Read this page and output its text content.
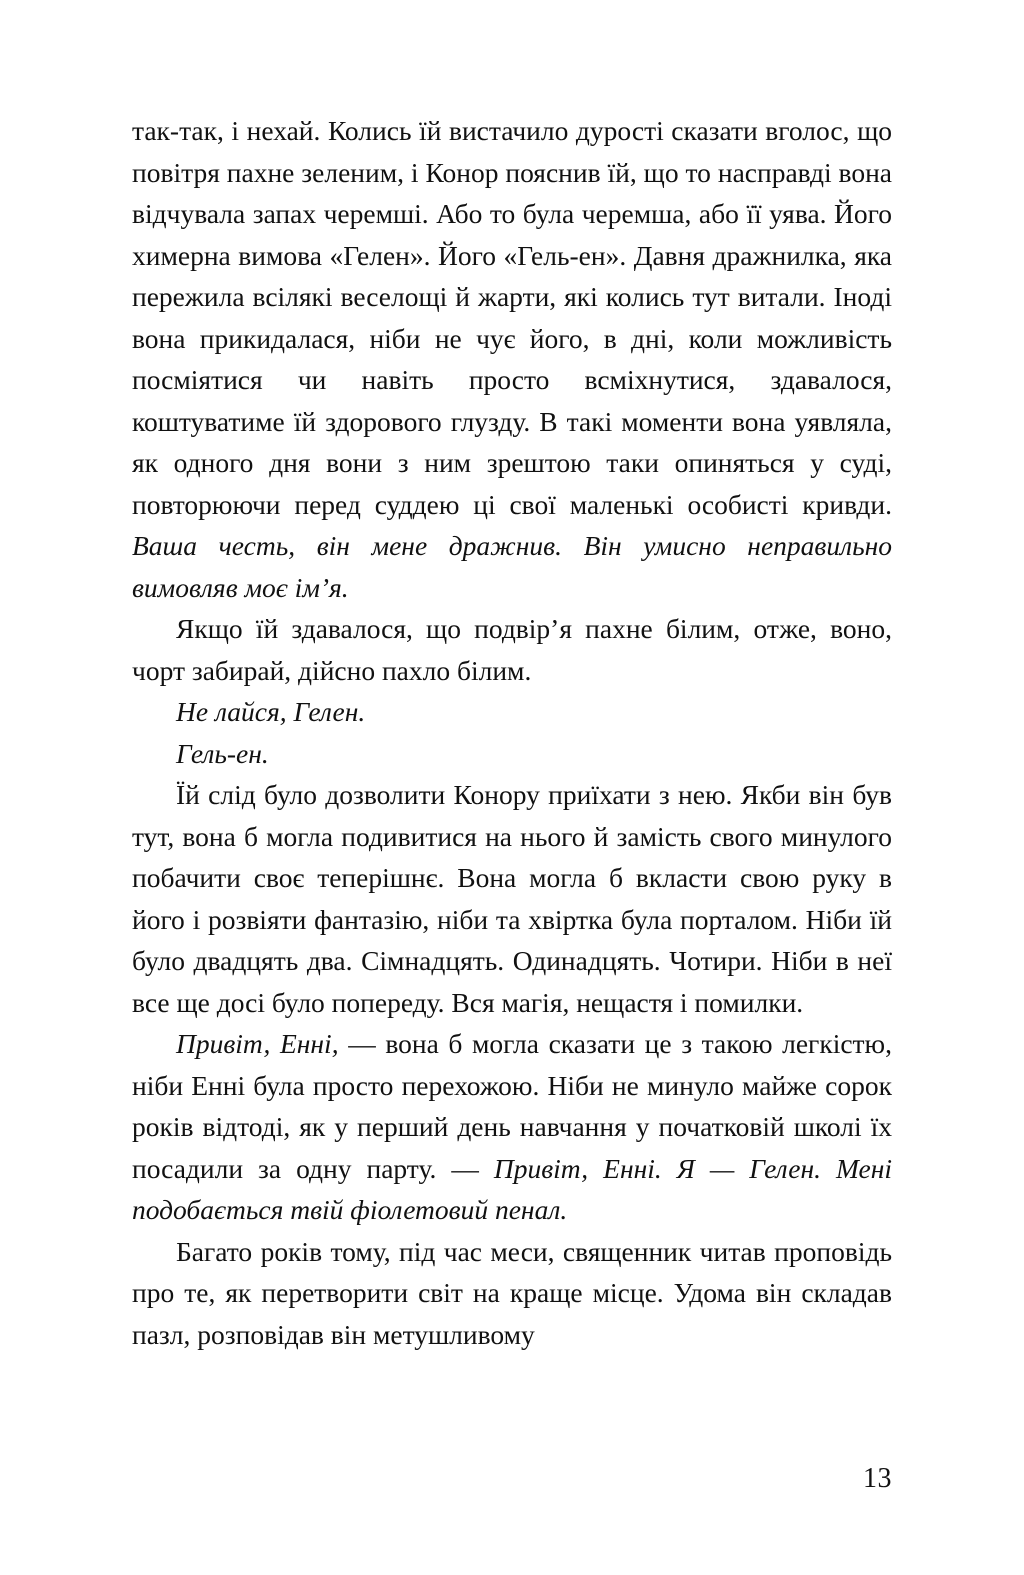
так-так, і нехай. Колись їй вистачило дурості сказати вголос, що повітря пахне зеленим, і Конор пояснив їй, що то насправді вона відчувала запах черемші. Або то була черемша, або її уява. Його химерна вимова «Гелен». Його «Гель-ен». Давня дражнилка, яка пережила всілякі веселощі й жарти, які колись тут витали. Іноді вона прикидалася, ніби не чує його, в дні, коли можливість посміятися чи навіть просто всміхнутися, здавалося, коштуватиме їй здорового глузду. В такі моменти вона уявляла, як одного дня вони з ним зрештою таки опиняться у суді, повторюючи перед суддею ці свої маленькі особисті кривди. Ваша честь, він мене дражнив. Він умисно неправильно вимовляв моє ім’я.

Якщо їй здавалося, що подвір’я пахне білим, отже, воно, чорт забирай, дійсно пахло білим.

Не лайся, Гелен.

Гель-ен.

Їй слід було дозволити Конору приїхати з нею. Якби він був тут, вона б могла подивитися на нього й замість свого минулого побачити своє теперішнє. Вона могла б вкласти свою руку в його і розвіяти фантазію, ніби та хвіртка була порталом. Ніби їй було двадцять два. Сімнадцять. Одинадцять. Чотири. Ніби в неї все ще досі було попереду. Вся магія, нещастя і помилки.

Привіт, Енні, — вона б могла сказати це з такою легкістю, ніби Енні була просто перехожою. Ніби не минуло майже сорок років відтоді, як у перший день навчання у початковій школі їх посадили за одну парту. — Привіт, Енні. Я — Гелен. Мені подобається твій фіолетовий пенал.

Багато років тому, під час меси, священник читав проповідь про те, як перетворити світ на краще місце. Удома він складав пазл, розповідав він метушливому

13
